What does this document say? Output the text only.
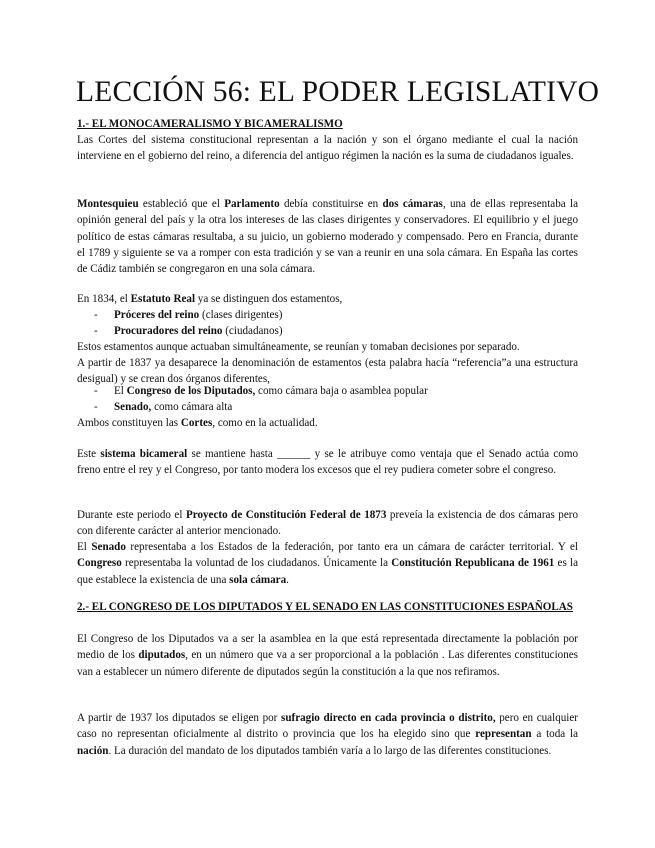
LECCIÓN 56: EL PODER LEGISLATIVO
1.- EL MONOCAMERALISMO Y BICAMERALISMO
Las Cortes del sistema constitucional representan a la nación y son el órgano mediante el cual la nación interviene en el gobierno del reino, a diferencia del antiguo régimen la nación es la suma de ciudadanos iguales.
Montesquieu estableció que el Parlamento debía constituirse en dos cámaras, una de ellas representaba la opinión general del país y la otra los intereses de las clases dirigentes y conservadores. El equilibrio y el juego político de estas cámaras resultaba, a su juicio, un gobierno moderado y compensado. Pero en Francia, durante el 1789 y siguiente se va a romper con esta tradición y se van a reunir en una sola cámara. En España las cortes de Cádiz también se congregaron en una sola cámara.
En 1834, el Estatuto Real ya se distinguen dos estamentos,
- Próceres del reino (clases dirigentes)
- Procuradores del reino (ciudadanos)
Estos estamentos aunque actuaban simultáneamente, se reunían y tomaban decisiones por separado.
A partir de 1837 ya desaparece la denominación de estamentos (esta palabra hacía “referencia”a una estructura desigual) y se crean dos órganos diferentes,
- El Congreso de los Diputados, como cámara baja o asamblea popular
- Senado, como cámara alta
Ambos constituyen las Cortes, como en la actualidad.
Este sistema bicameral se mantiene hasta ______ y se le atribuye como ventaja que el Senado actúa como freno entre el rey y el Congreso, por tanto modera los excesos que el rey pudiera cometer sobre el congreso.
Durante este periodo el Proyecto de Constitución Federal de 1873 preveía la existencia de dos cámaras pero con diferente carácter al anterior mencionado.
El Senado representaba a los Estados de la federación, por tanto era un cámara de carácter territorial. Y el Congreso representaba la voluntad de los ciudadanos. Únicamente la Constitución Republicana de 1961 es la que establece la existencia de una sola cámara.
2.- EL CONGRESO DE LOS DIPUTADOS Y EL SENADO EN LAS CONSTITUCIONES ESPAÑOLAS
El Congreso de los Diputados va a ser la asamblea en la que está representada directamente la población por medio de los diputados, en un número que va a ser proporcional a la población . Las diferentes constituciones van a establecer un número diferente de diputados según la constitución a la que nos refiramos.
A partir de 1937 los diputados se eligen por sufragio directo en cada provincia o distrito, pero en cualquier caso no representan oficialmente al distrito o provincia que los ha elegido sino que representan a toda la nación. La duración del mandato de los diputados también varía a lo largo de las diferentes constituciones.
